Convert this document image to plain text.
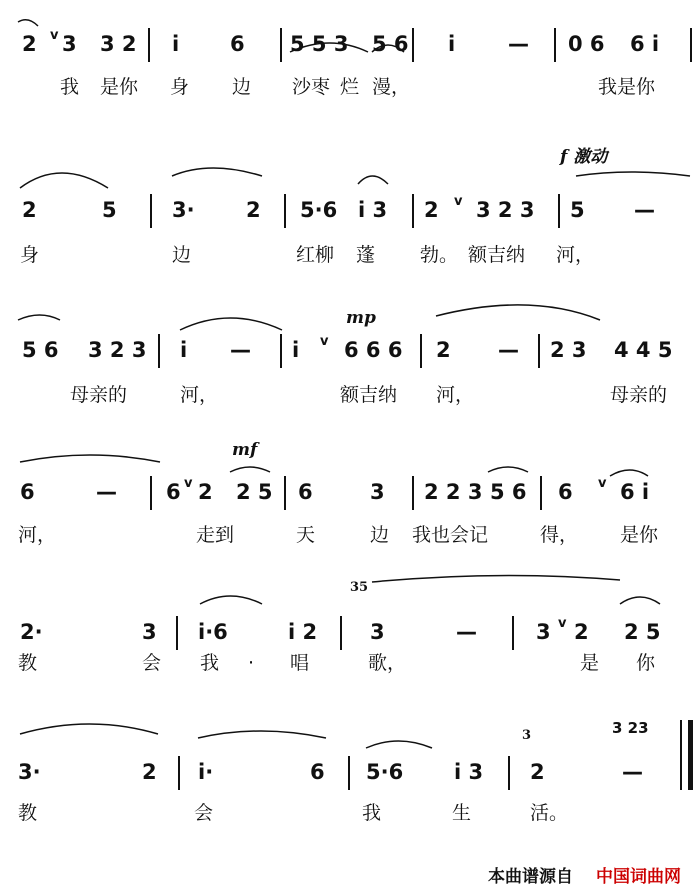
2 v 3 3 2 i 6 5 5 3 5 6 i	— 0 6 6 i
我 是你 身 边 沙枣 烂 漫，	我是你
f 激动
2	5	3· 2 5·6 i 3 2 v 3 2 3 5 —
身	边	红柳 蓬 勃。 额吉纳 河，
mp
5 6 3 2 3 i — i v 6 6 6 2 — 2 3 4 4 5
母亲的	河，	额吉纳 河，	母亲的
mf
6	— 6 v 2 2 5 6	3 2 2 3 5 6 6 v 6 i
河，	走到	天	边 我也会记	得， 是你
35
2·	3 i·6	i 2	3	—	3 v 2 2 5
教	会 我 · 唱	歌，	是 你
3
3·	2 i·	6 5·6 i 3 2	—
3 23
教	会	我	生	活。
本曲谱源自 中国词曲网
